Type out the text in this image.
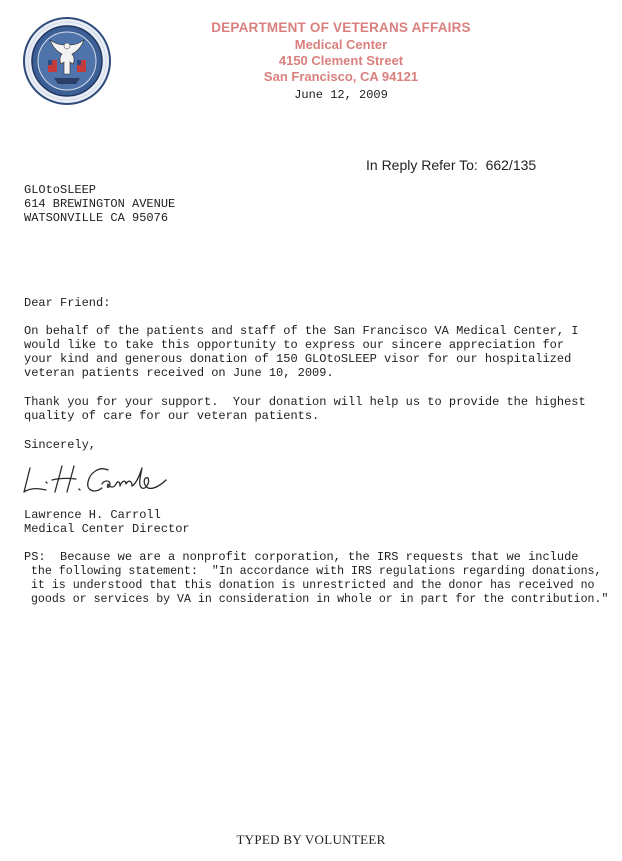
DEPARTMENT OF VETERANS AFFAIRS
Medical Center
4150 Clement Street
San Francisco, CA 94121
June 12, 2009
In Reply Refer To:  662/135
GLOtoSLEEP
614 BREWINGTON AVENUE
WATSONVILLE CA 95076
Dear Friend:
On behalf of the patients and staff of the San Francisco VA Medical Center, I
would like to take this opportunity to express our sincere appreciation for
your kind and generous donation of 150 GLOtoSLEEP visor for our hospitalized
veteran patients received on June 10, 2009.
Thank you for your support.  Your donation will help us to provide the highest
quality of care for our veteran patients.
Sincerely,
Lawrence H. Carroll
Medical Center Director
PS:  Because we are a nonprofit corporation, the IRS requests that we include
the following statement:  "In accordance with IRS regulations regarding donations,
it is understood that this donation is unrestricted and the donor has received no
goods or services by VA in consideration in whole or in part for the contribution."
TYPED BY VOLUNTEER
